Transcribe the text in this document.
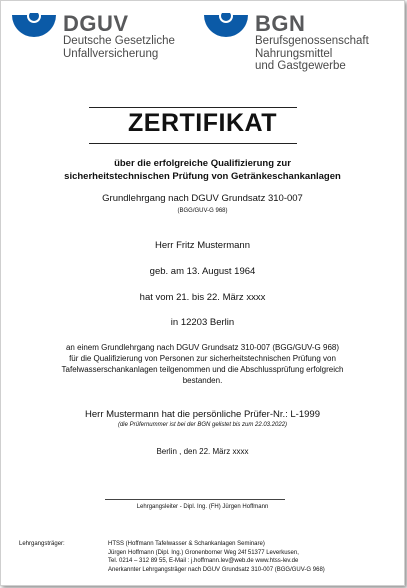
DGUV
Deutsche Gesetzliche
Unfallversicherung
BGN
Berufsgenossenschaft
Nahrungsmittel
und Gastgewerbe
ZERTIFIKAT
über die erfolgreiche Qualifizierung zur
sicherheitstechnischen Prüfung von Getränkeschankanlagen
Grundlehrgang nach DGUV Grundsatz 310-007
(BGG/GUV-G 968)
Herr Fritz Mustermann
geb. am 13. August 1964
hat vom 21. bis 22. März xxxx
in 12203 Berlin
an einem Grundlehrgang nach DGUV Grundsatz 310-007 (BGG/GUV-G 968)
für die Qualifizierung von Personen zur sicherheitstechnischen Prüfung von
Tafelwasserschankanlagen teilgenommen und die Abschlussprüfung erfolgreich
bestanden.
Herr Mustermann hat die persönliche Prüfer-Nr.: L-1999
(die Prüfernummer ist bei der BGN gelistet bis zum 22.03.2022)
Berlin , den 22. März xxxx
Lehrgangsleiter - Dipl. Ing. (FH) Jürgen Hoffmann
Lehrgangsträger:	HTSS (Hoffmann Tafelwasser & Schankanlagen Seminare)
Jürgen Hoffmann (Dipl. Ing.) Gronenborner Weg 24f 51377 Leverkusen,
Tel. 0214 – 312 89 55, E-Mail : j.hoffmann.lev@web.de www.htss-lev.de
Anerkannter Lehrgangsträger nach DGUV Grundsatz 310-007 (BGG/GUV-G 968)
